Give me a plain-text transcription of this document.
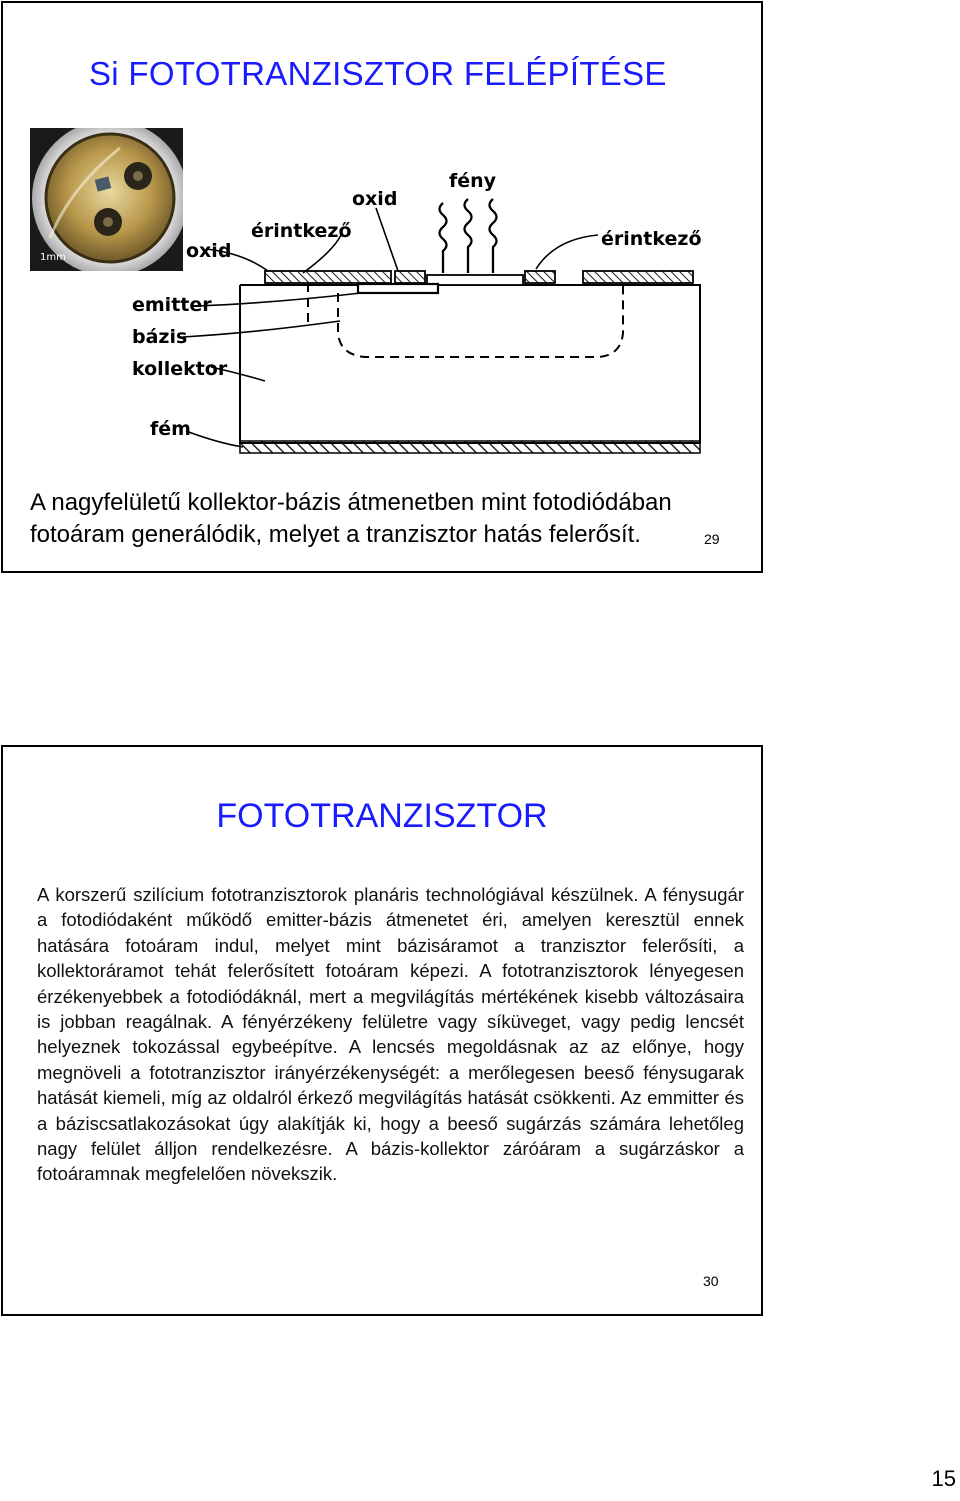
Si FOTOTRANZISZTOR FELÉPÍTÉSE
1mm
fény
oxid
érintkező	érintkező
oxid
emitter
bázis
kollektor
fém

A nagyfelületű kollektor-bázis átmenetben mint fotodiódában fotoáram generálódik, melyet a tranzisztor hatás felerősít.	29
FOTOTRANZISZTOR

A korszerű szilícium fototranzisztorok planáris technológiával készülnek. A fénysugár a fotodiódaként működő emitter-bázis átmenetet éri, amelyen keresztül ennek hatására fotoáram indul, melyet mint bázisáramot a tranzisztor felerősíti, a kollektoráramot tehát felerősített fotoáram képezi. A fototranzisztorok lényegesen érzékenyebbek a fotodiódáknál, mert a megvilágítás mértékének kisebb változásaira is jobban reagálnak. A fényérzékeny felületre vagy síküveget, vagy pedig lencsét helyeznek tokozással egybeépítve. A lencsés megoldásnak az az előnye, hogy megnöveli a fototranzisztor irányérzékenységét: a merőlegesen beeső fénysugarak hatását kiemeli, míg az oldalról érkező megvilágítás hatását csökkenti. Az emmitter és a báziscsatlakozásokat úgy alakítják ki, hogy a beeső sugárzás számára lehetőleg nagy felület álljon rendelkezésre. A bázis-kollektor záróáram a sugárzáskor a fotoáramnak megfelelően növekszik.

30
15
